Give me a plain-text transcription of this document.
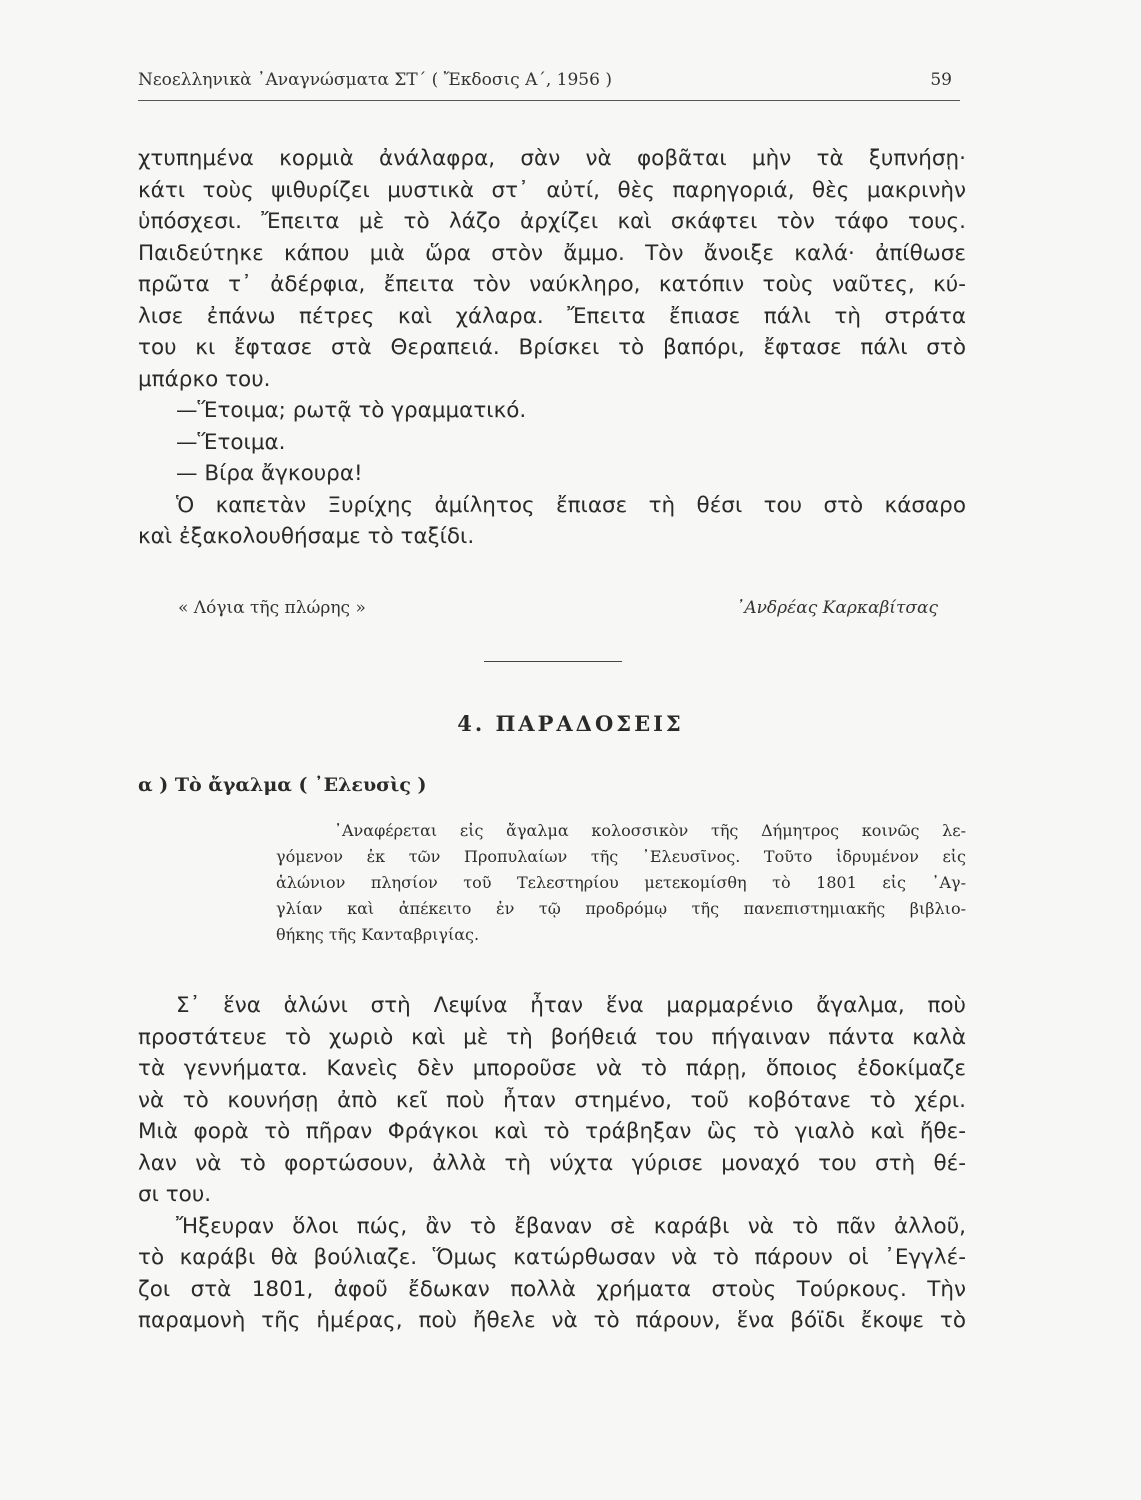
Νεοελληνικὰ ᾿Αναγνώσματα ΣΤ΄ ( Ἔκδοσις Α΄, 1956 )	59
χτυπημένα κορμιὰ ἀνάλαφρα, σὰν νὰ φοβᾶται μὴν τὰ ξυπνήσῃ·
κάτι τοὺς ψιθυρίζει μυστικὰ στ᾿ αὐτί, θὲς παρηγοριά, θὲς μακρινὴν
ὑπόσχεσι. Ἔπειτα μὲ τὸ λάζο ἀρχίζει καὶ σκάφτει τὸν τάφο τους.
Παιδεύτηκε κάπου μιὰ ὥρα στὸν ἄμμο. Τὸν ἄνοιξε καλά· ἀπίθωσε
πρῶτα τ᾿ ἀδέρφια, ἔπειτα τὸν ναύκληρο, κατόπιν τοὺς ναῦτες, κύ-
λισε ἐπάνω πέτρες καὶ χάλαρα. Ἔπειτα ἔπιασε πάλι τὴ στράτα
του κι ἔφτασε στὰ Θεραπειά. Βρίσκει τὸ βαπόρι, ἔφτασε πάλι στὸ
μπάρκο του.
—Ἕτοιμα; ρωτᾷ τὸ γραμματικό.
—Ἕτοιμα.
— Βίρα ἄγκουρα!
Ὁ καπετὰν Ξυρίχης ἀμίλητος ἔπιασε τὴ θέσι του στὸ κάσαρο
καὶ ἐξακολουθήσαμε τὸ ταξίδι.
« Λόγια τῆς πλώρης »	᾿Ανδρέας Καρκαβίτσας
4. ΠΑΡΑΔΟΣΕΙΣ
α ) Τὸ ἄγαλμα ( ᾿Ελευσὶς )
᾿Αναφέρεται εἰς ἄγαλμα κολοσσικὸν τῆς Δήμητρος κοινῶς λε-
γόμενον ἐκ τῶν Προπυλαίων τῆς ᾿Ελευσῖνος. Τοῦτο ἱδρυμένον εἰς
ἁλώνιον πλησίον τοῦ Τελεστηρίου μετεκομίσθη τὸ 1801 εἰς ᾿Αγ-
γλίαν καὶ ἀπέκειτο ἐν τῷ προδρόμῳ τῆς πανεπιστημιακῆς βιβλιο-
θήκης τῆς Κανταβριγίας.
Σ᾿ ἕνα ἁλώνι στὴ Λεψίνα ἦταν ἕνα μαρμαρένιο ἄγαλμα, ποὺ
προστάτευε τὸ χωριὸ καὶ μὲ τὴ βοήθειά του πήγαιναν πάντα καλὰ
τὰ γεννήματα. Κανεὶς δὲν μποροῦσε νὰ τὸ πάρῃ, ὅποιος ἐδοκίμαζε
νὰ τὸ κουνήσῃ ἀπὸ κεῖ ποὺ ἦταν στημένο, τοῦ κοβότανε τὸ χέρι.
Μιὰ φορὰ τὸ πῆραν Φράγκοι καὶ τὸ τράβηξαν ὣς τὸ γιαλὸ καὶ ἤθε-
λαν νὰ τὸ φορτώσουν, ἀλλὰ τὴ νύχτα γύρισε μοναχό του στὴ θέ-
σι του.
Ἤξευραν ὅλοι πώς, ἂν τὸ ἔβαναν σὲ καράβι νὰ τὸ πᾶν ἀλλοῦ,
τὸ καράβι θὰ βούλιαζε. Ὅμως κατώρθωσαν νὰ τὸ πάρουν οἱ ᾿Εγγλέ-
ζοι στὰ 1801, ἀφοῦ ἔδωκαν πολλὰ χρήματα στοὺς Τούρκους. Τὴν
παραμονὴ τῆς ἡμέρας, ποὺ ἤθελε νὰ τὸ πάρουν, ἕνα βόϊδι ἔκοψε τὸ
